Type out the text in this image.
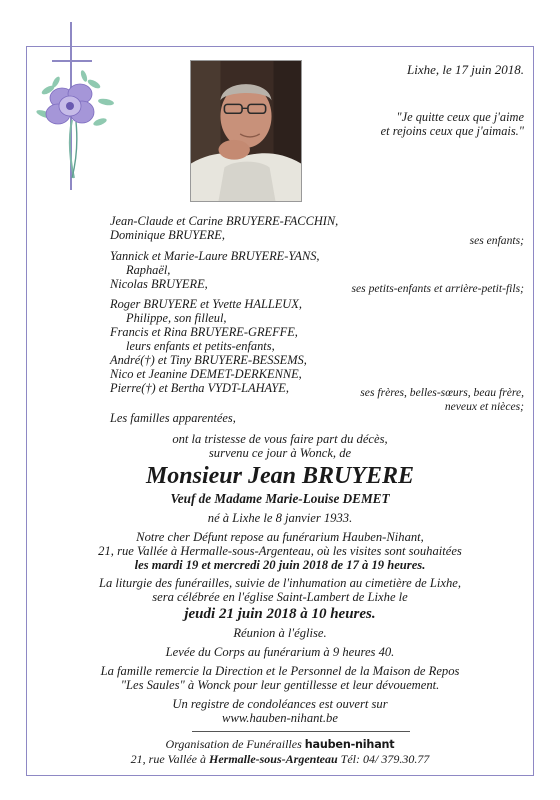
Lixhe, le 17 juin 2018.
"Je quitte ceux que j'aime
et rejoins ceux que j'aimais."
Jean-Claude et Carine BRUYERE-FACCHIN,
Dominique BRUYERE,	ses enfants;
Yannick et Marie-Laure BRUYERE-YANS,
Raphaël,
Nicolas BRUYERE,	ses petits-enfants et arrière-petit-fils;
Roger BRUYERE et Yvette HALLEUX,
Philippe, son filleul,
Francis et Rina BRUYERE-GREFFE,
leurs enfants et petits-enfants,
André(†) et Tiny BRUYERE-BESSEMS,
Nico et Jeanine DEMET-DERKENNE,
Pierre(†) et Bertha VYDT-LAHAYE,	ses frères, belles-sœurs, beau frère,
neveux et nièces;
Les familles apparentées,
ont la tristesse de vous faire part du décès,
survenu ce jour à Wonck, de
Monsieur Jean BRUYERE
Veuf de Madame Marie-Louise DEMET
né à Lixhe le 8 janvier 1933.
Notre cher Défunt repose au funérarium Hauben-Nihant,
21, rue Vallée à Hermalle-sous-Argenteau, où les visites sont souhaitées
les mardi 19 et mercredi 20 juin 2018 de 17 à 19 heures.
La liturgie des funérailles, suivie de l'inhumation au cimetière de Lixhe,
sera célébrée en l'église Saint-Lambert de Lixhe le
jeudi 21 juin 2018 à 10 heures.
Réunion à l'église.
Levée du Corps au funérarium à 9 heures 40.
La famille remercie la Direction et le Personnel de la Maison de Repos
"Les Saules" à Wonck pour leur gentillesse et leur dévouement.
Un registre de condoléances est ouvert sur
www.hauben-nihant.be
Organisation de Funérailles hauben-nihant
21, rue Vallée à Hermalle-sous-Argenteau Tél: 04/ 379.30.77
